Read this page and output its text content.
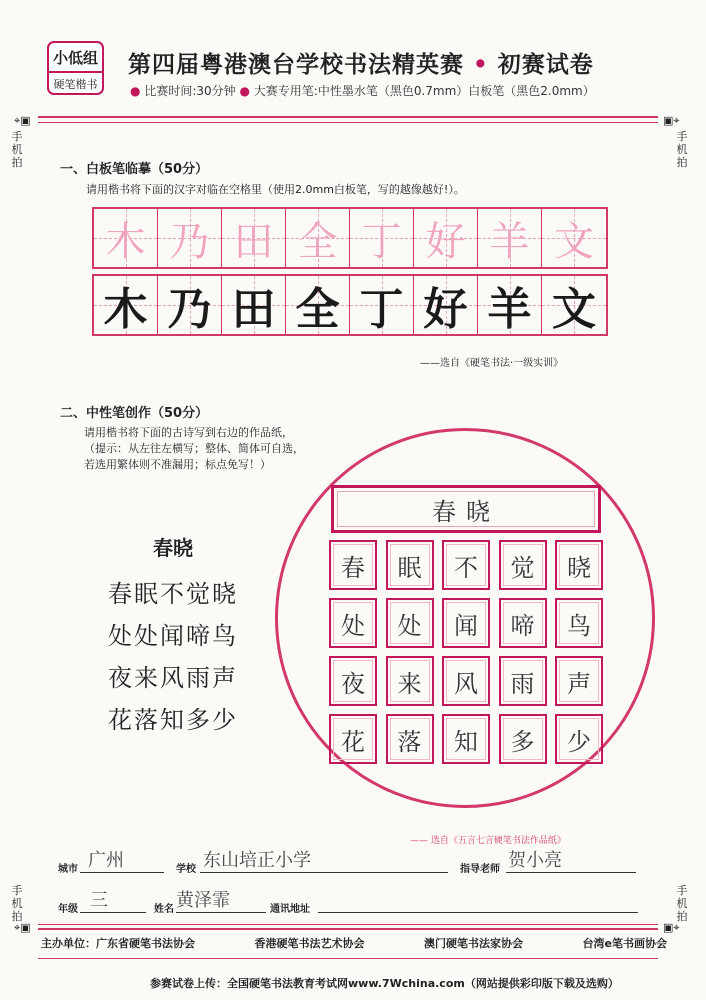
小低组
硬笔楷书
第四届粤港澳台学校书法精英赛 • 初赛试卷
● 比赛时间:30分钟 ● 大赛专用笔:中性墨水笔（黑色0.7mm）白板笔（黑色2.0mm）
⌖▣	▣⌖
手机拍
手机拍
手机拍
手机拍
一、白板笔临摹（50分）
请用楷书将下面的汉字对临在空格里（使用2.0mm白板笔，写的越像越好!）。
木 乃 田 全 丁 好 羊 文
木 乃 田 全 丁 好 羊 文
——选自《硬笔书法·一级实训》
二、中性笔创作（50分）
请用楷书将下面的古诗写到右边的作品纸，
（提示：从左往左横写；整体、简体可自选，
若选用繁体则不准漏用；标点免写！）
春晓
春眠不觉晓
处处闻啼鸟
夜来风雨声
花落知多少
春晓
春 眠 不 觉 晓
处 处 闻 啼 鸟
夜 来 风 雨 声
花 落 知 多 少
—— 选自《五言七言硬笔书法作品纸》
城市 广州	学校 东山培正小学	指导老师 贺小亮
年级 三	姓名 黄泽霏	通讯地址
⌖▣	▣⌖
主办单位：广东省硬笔书法协会	香港硬笔书法艺术协会	澳门硬笔书法家协会	台湾e笔书画协会
参赛试卷上传：全国硬笔书法教育考试网www.7Wchina.com（网站提供彩印版下载及选购）
